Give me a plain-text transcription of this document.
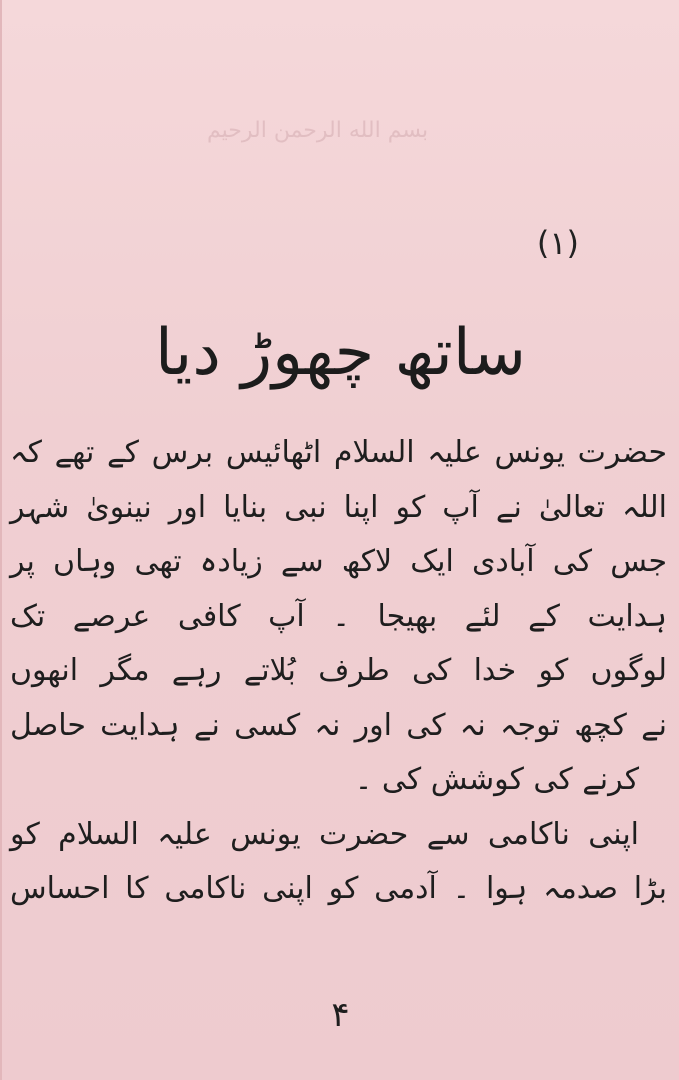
بسم الله الرحمن الرحیم
(۱)
ساتھ چھوڑ دیا
حضرت یونس علیہ السلام اٹھائیس برس کے تھے کہ
اللہ تعالیٰ نے آپ کو اپنا نبی بنایا اور نینویٰ شہر
جس کی آبادی ایک لاکھ سے زیادہ تھی وہاں پر
ہدایت کے لئے بھیجا ۔ آپ کافی عرصے تک
لوگوں کو خدا کی طرف بُلاتے رہے مگر انھوں
نے کچھ توجہ نہ کی اور نہ کسی نے ہدایت حاصل
کرنے کی کوشش کی ۔
اپنی ناکامی سے حضرت یونس علیہ السلام کو
بڑا صدمہ ہوا ۔ آدمی کو اپنی ناکامی کا احساس
۴
